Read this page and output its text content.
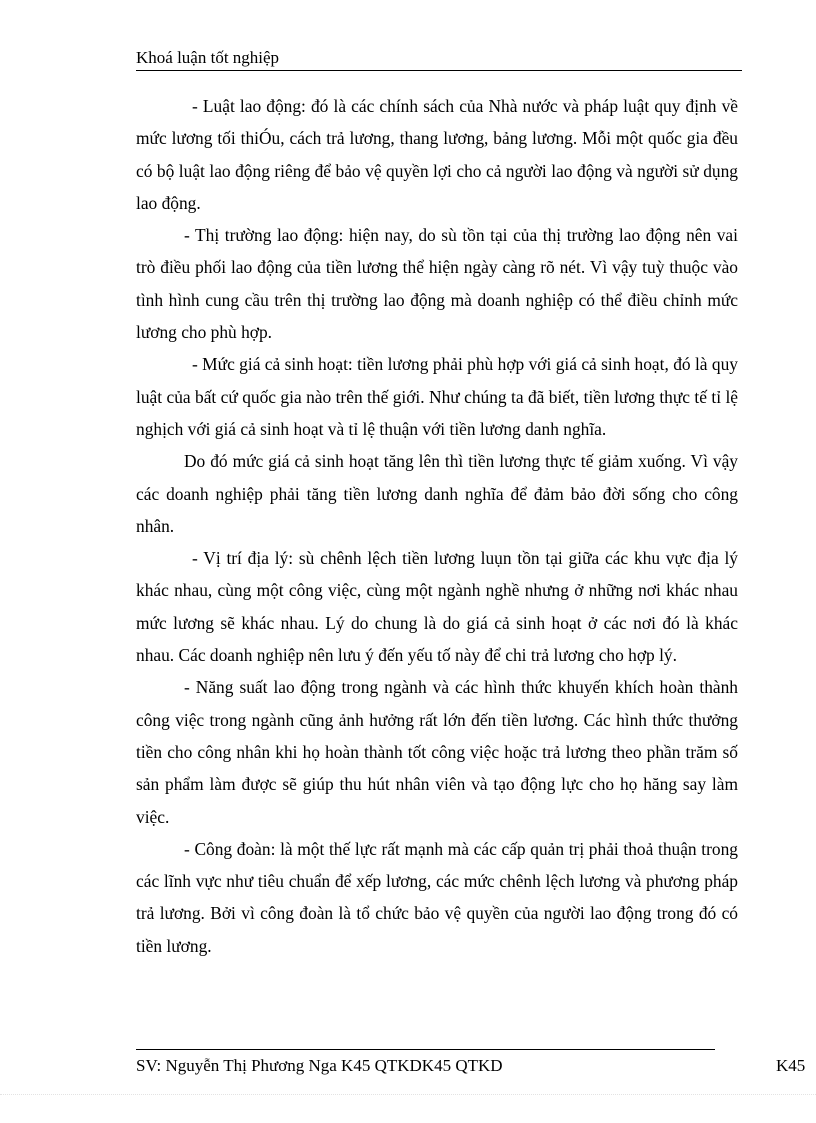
Khoá luận tốt nghiệp

- Luật lao động: đó là các chính sách của Nhà nước và pháp luật quy định về mức lương tối thiÓu, cách trả lương, thang lương, bảng lương. Mỗi một quốc gia đều có bộ luật lao động riêng để bảo vệ quyền lợi cho cả người lao động và người sử dụng lao động.

- Thị trường lao động: hiện nay, do sù tồn tại của thị trường lao động nên vai trò điều phối lao động của tiền lương thể hiện ngày càng rõ nét. Vì vậy tuỳ thuộc vào tình hình cung cầu trên thị trường lao động mà doanh nghiệp có thể điều chỉnh mức lương cho phù hợp.

- Mức giá cả sinh hoạt: tiền lương phải phù hợp với giá cả sinh hoạt, đó là quy luật của bất cứ quốc gia nào trên thế giới. Như chúng ta đã biết, tiền lương thực tế tỉ lệ nghịch với giá cả sinh hoạt và tỉ lệ thuận với tiền lương danh nghĩa.

Do đó mức giá cả sinh hoạt tăng lên thì tiền lương thực tế giảm xuống. Vì vậy các doanh nghiệp phải tăng tiền lương danh nghĩa để đảm bảo đời sống cho công nhân.

- Vị trí địa lý: sù chênh lệch tiền lương luụn tồn tại giữa các khu vực địa lý khác nhau, cùng một công việc, cùng một ngành nghề nhưng ở những nơi khác nhau mức lương sẽ khác nhau. Lý do chung là do giá cả sinh hoạt ở các nơi đó là khác nhau. Các doanh nghiệp nên lưu ý đến yếu tố này để chi trả lương cho hợp lý.

- Năng suất lao động trong ngành và các hình thức khuyến khích hoàn thành công việc trong ngành cũng ảnh hưởng rất lớn đến tiền lương. Các hình thức thưởng tiền cho công nhân khi họ hoàn thành tốt công việc hoặc trả lương theo phần trăm số sản phẩm làm được sẽ giúp thu hút nhân viên và tạo động lực cho họ hăng say làm việc.

- Công đoàn: là một thế lực rất mạnh mà các cấp quản trị phải thoả thuận trong các lĩnh vực như tiêu chuẩn để xếp lương, các mức chênh lệch lương và phương pháp trả lương. Bởi vì công đoàn là tổ chức bảo vệ quyền của người lao động trong đó có tiền lương.

SV: Nguyễn Thị Phương Nga K45 QTKDK45 QTKD	K45
